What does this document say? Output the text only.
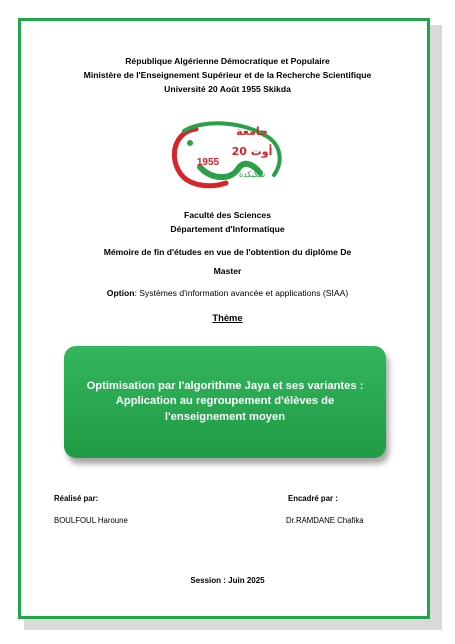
République Algérienne Démocratique et Populaire
Ministère de l'Enseignement Supérieur et de la Recherche Scientifique
Université 20 Août 1955 Skikda
جامعة
20 أوت
1955
سكيكدة
Faculté des Sciences
Département d'Informatique
Mémoire de fin d'études en vue de l'obtention du diplôme De
Master
Option: Systèmes d'information avancée et applications (SIAA)
Thème
Optimisation par l'algorithme Jaya et ses variantes :
Application au regroupement d'élèves de
l'enseignement moyen
Réalisé par:
BOULFOUL Haroune
Encadré par :
Dr.RAMDANE Chafika
Session : Juin 2025
